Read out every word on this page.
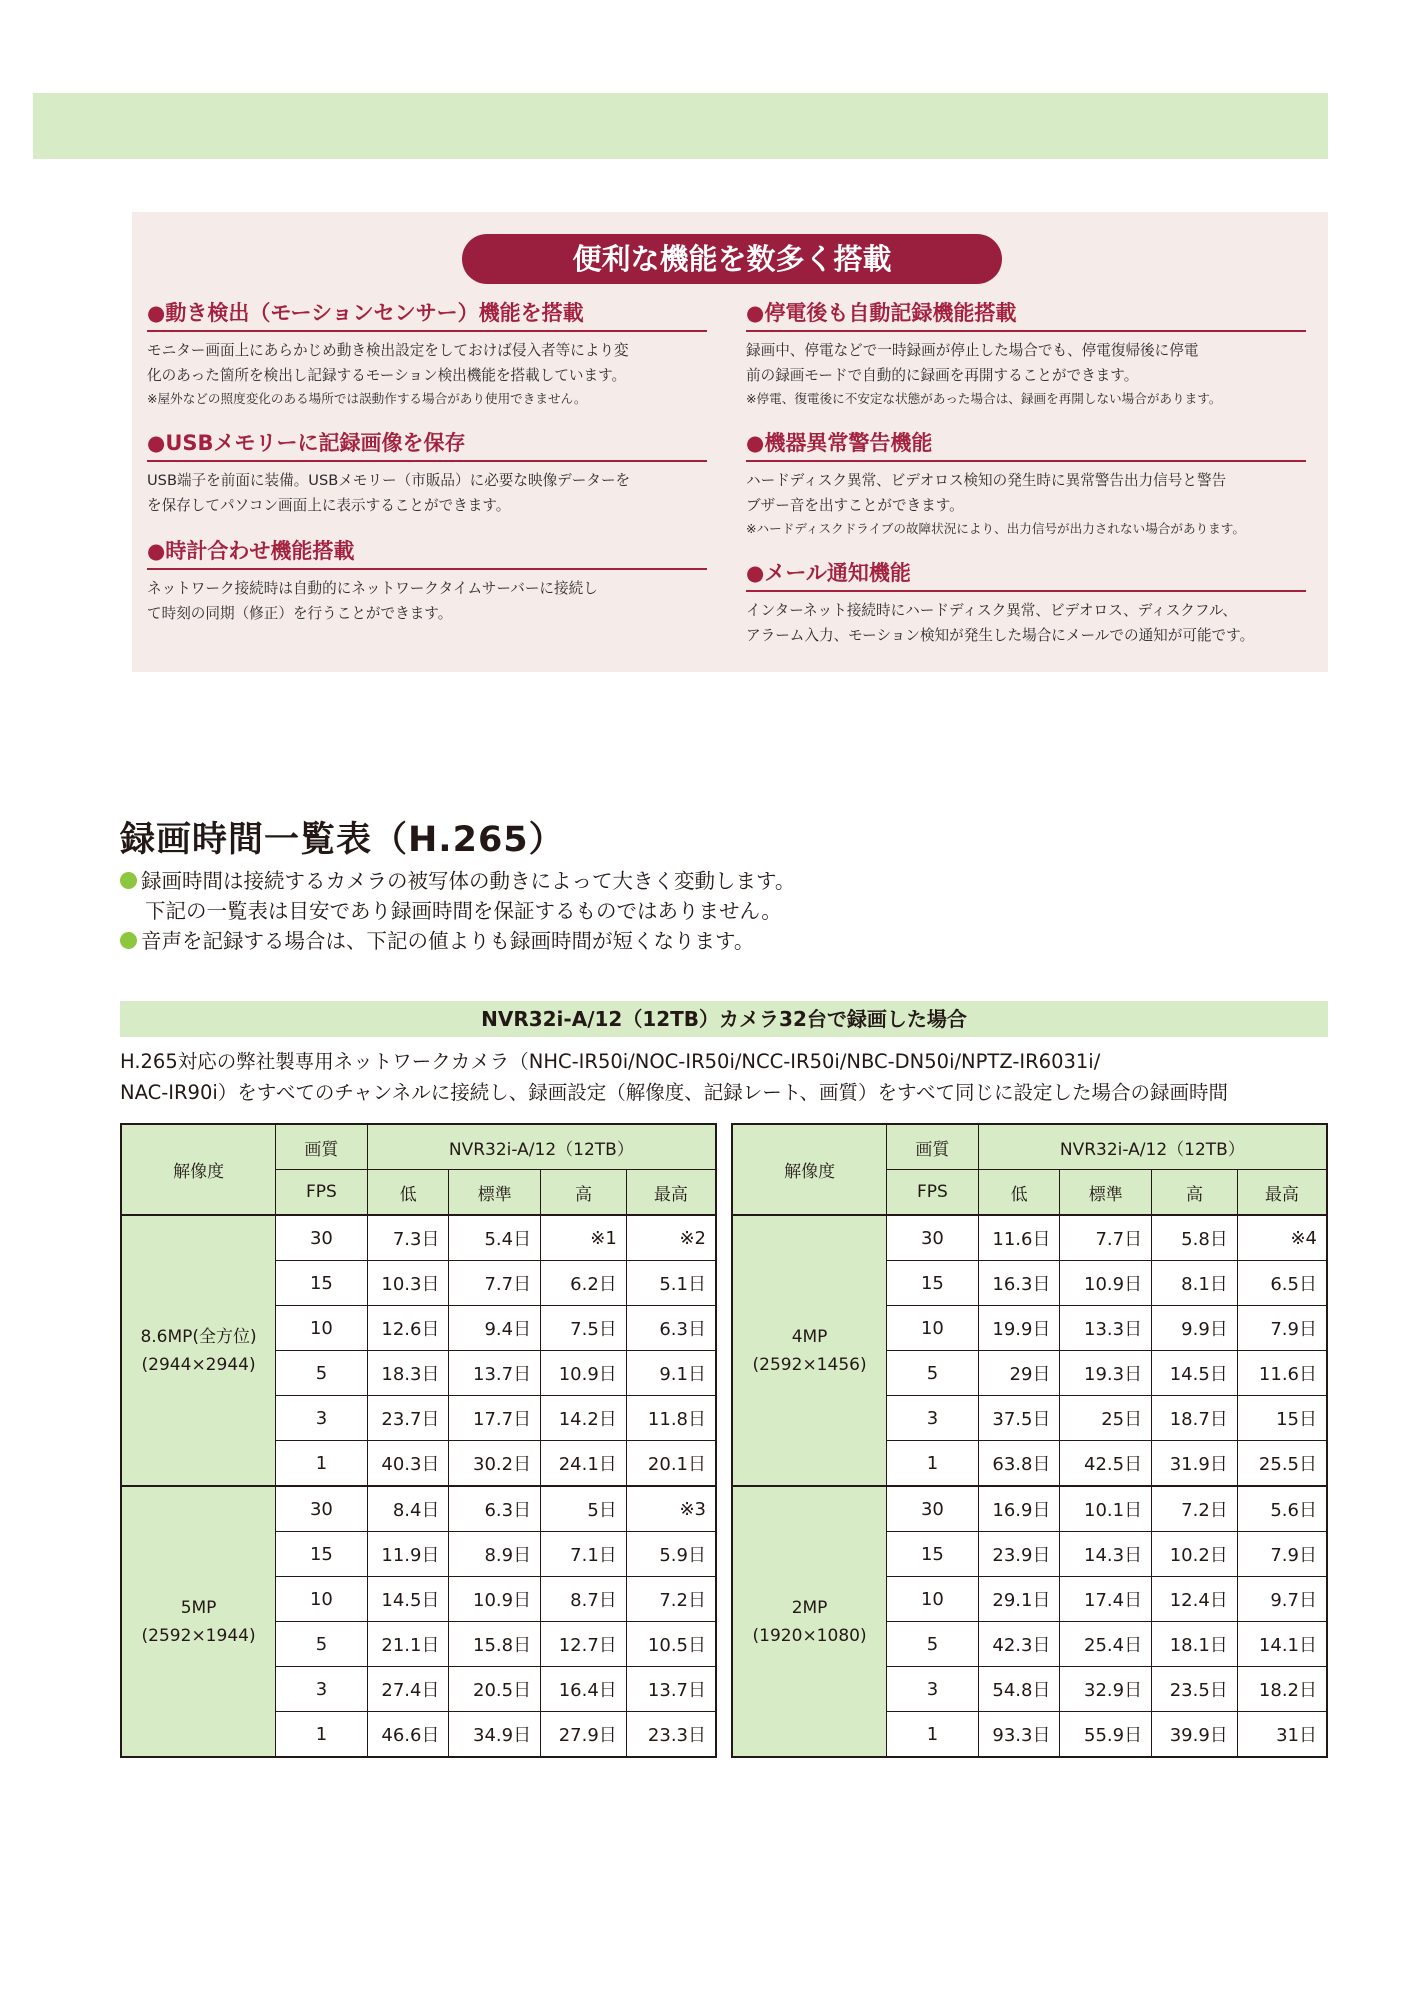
便利な機能を数多く搭載
●動き検出（モーションセンサー）機能を搭載
モニター画面上にあらかじめ動き検出設定をしておけば侵入者等により変
化のあった箇所を検出し記録するモーション検出機能を搭載しています。
※屋外などの照度変化のある場所では誤動作する場合があり使用できません。
●USBメモリーに記録画像を保存
USB端子を前面に装備。USBメモリー（市販品）に必要な映像データーを
を保存してパソコン画面上に表示することができます。
●時計合わせ機能搭載
ネットワーク接続時は自動的にネットワークタイムサーバーに接続し
て時刻の同期（修正）を行うことができます。
●停電後も自動記録機能搭載
録画中、停電などで一時録画が停止した場合でも、停電復帰後に停電
前の録画モードで自動的に録画を再開することができます。
※停電、復電後に不安定な状態があった場合は、録画を再開しない場合があります。
●機器異常警告機能
ハードディスク異常、ビデオロス検知の発生時に異常警告出力信号と警告
ブザー音を出すことができます。
※ハードディスクドライブの故障状況により、出力信号が出力されない場合があります。
●メール通知機能
インターネット接続時にハードディスク異常、ビデオロス、ディスクフル、
アラーム入力、モーション検知が発生した場合にメールでの通知が可能です。
録画時間一覧表（H.265）
録画時間は接続するカメラの被写体の動きによって大きく変動します。
下記の一覧表は目安であり録画時間を保証するものではありません。
音声を記録する場合は、下記の値よりも録画時間が短くなります。
NVR32i-A/12（12TB）カメラ32台で録画した場合
H.265対応の弊社製専用ネットワークカメラ（NHC-IR50i/NOC-IR50i/NCC-IR50i/NBC-DN50i/NPTZ-IR6031i/
NAC-IR90i）をすべてのチャンネルに接続し、録画設定（解像度、記録レート、画質）をすべて同じに設定した場合の録画時間
解像度	画質	NVR32i-A/12（12TB）			
	FPS	低	標準	高	最高

8.6MP(全方位)
(2944×2944)	30	7.3日	5.4日	※1	※2
	15	10.3日	7.7日	6.2日	5.1日
	10	12.6日	9.4日	7.5日	6.3日
	5	18.3日	13.7日	10.9日	9.1日
	3	23.7日	17.7日	14.2日	11.8日
	1	40.3日	30.2日	24.1日	20.1日

5MP
(2592×1944)	30	8.4日	6.3日	5日	※3
	15	11.9日	8.9日	7.1日	5.9日
	10	14.5日	10.9日	8.7日	7.2日
	5	21.1日	15.8日	12.7日	10.5日
	3	27.4日	20.5日	16.4日	13.7日
	1	46.6日	34.9日	27.9日	23.3日
解像度	画質	NVR32i-A/12（12TB）			
	FPS	低	標準	高	最高

4MP
(2592×1456)	30	11.6日	7.7日	5.8日	※4
	15	16.3日	10.9日	8.1日	6.5日
	10	19.9日	13.3日	9.9日	7.9日
	5	29日	19.3日	14.5日	11.6日
	3	37.5日	25日	18.7日	15日
	1	63.8日	42.5日	31.9日	25.5日

2MP
(1920×1080)	30	16.9日	10.1日	7.2日	5.6日
	15	23.9日	14.3日	10.2日	7.9日
	10	29.1日	17.4日	12.4日	9.7日
	5	42.3日	25.4日	18.1日	14.1日
	3	54.8日	32.9日	23.5日	18.2日
	1	93.3日	55.9日	39.9日	31日
